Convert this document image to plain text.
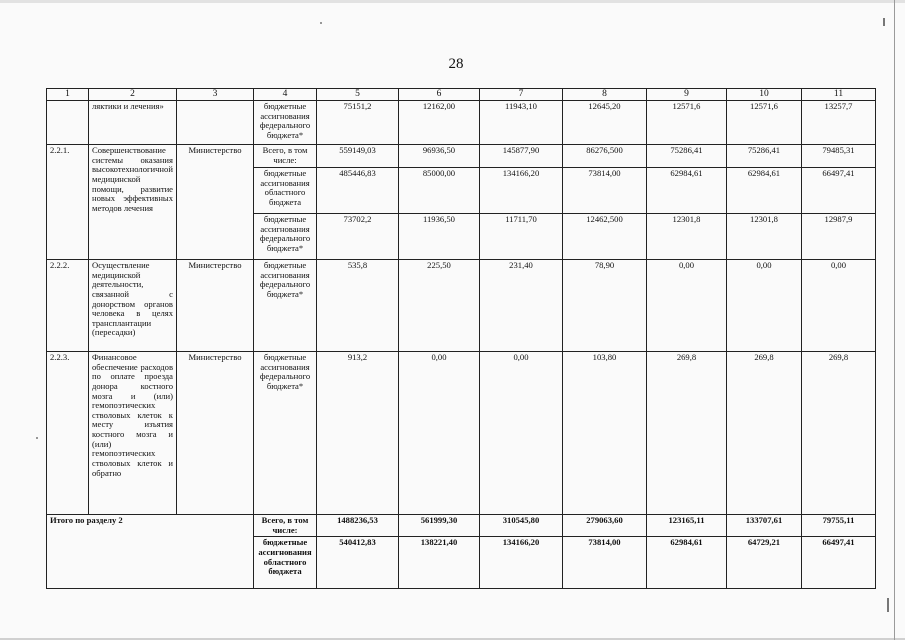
28
1	2	3	4	5	6	7	8	9	10	11
	ляктики и лечения»		бюджетные ассигнования федерального бюджета*	75151,2	12162,00	11943,10	12645,20	12571,6	12571,6	13257,7
2.2.1.	Совершенствование системы оказания высокотехнологичной медицинской помощи, развитие новых эффективных методов лечения	Министерство	Всего, в том числе:	559149,03	96936,50	145877,90	86276,500	75286,41	75286,41	79485,31
			бюджетные ассигнования областного бюджета	485446,83	85000,00	134166,20	73814,00	62984,61	62984,61	66497,41
			бюджетные ассигнования федерального бюджета*	73702,2	11936,50	11711,70	12462,500	12301,8	12301,8	12987,9
2.2.2.	Осуществление медицинской деятельности, связанной с донорством органов человека в целях трансплантации (пересадки)	Министерство	бюджетные ассигнования федерального бюджета*	535,8	225,50	231,40	78,90	0,00	0,00	0,00
2.2.3.	Финансовое обеспечение расходов по оплате проезда донора костного мозга и (или) гемопоэтических стволовых клеток к месту изъятия костного мозга и (или) гемопоэтических стволовых клеток и обратно	Министерство	бюджетные ассигнования федерального бюджета*	913,2	0,00	0,00	103,80	269,8	269,8	269,8
Итого по разделу 2			Всего, в том числе:	1488236,53	561999,30	310545,80	279063,60	123165,11	133707,61	79755,11
			бюджетные ассигнования областного бюджета	540412,83	138221,40	134166,20	73814,00	62984,61	64729,21	66497,41
